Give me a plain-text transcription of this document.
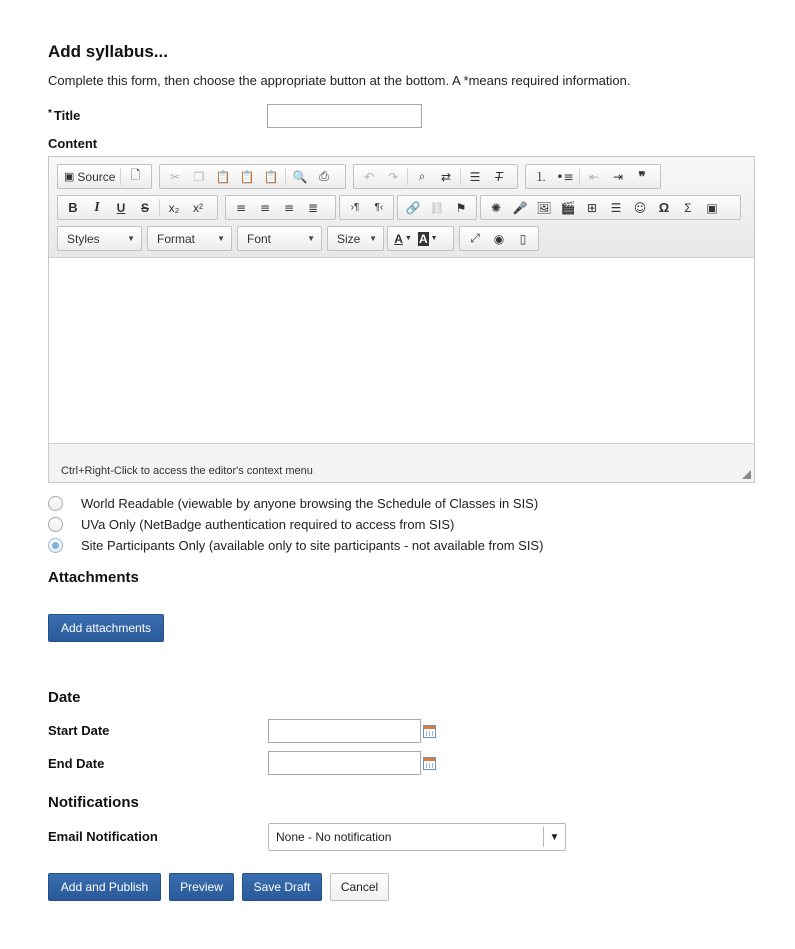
Add syllabus...
Complete this form, then choose the appropriate button at the bottom. A *means required information.
* Title
Content
▣ Source	🗋	✂	❐ 📋 📋 📋	🔍 ⎙	↶	↷	⌕	⇄	☰	T̶	⒈ •≡	⇤	⇥	❞
B	I	U	S	x₂	x²	≡	≡	≡	≣	›¶	¶‹	🔗 ⛓ ⚑	✺ 🎤 🖼 🎬 ⊞	☰	☺ Ω	Σ	▣
Styles	▼ Format	▼ Font	▼ Size ▼ A ▼ A ▼	⤢	◉	▯
Ctrl+Right-Click to access the editor's context menu
World Readable (viewable by anyone browsing the Schedule of Classes in SIS)
UVa Only (NetBadge authentication required to access from SIS)
Site Participants Only (available only to site participants - not available from SIS)
Attachments
Add attachments
Date
Start Date
End Date
Notifications
Email Notification	None - No notification	▼
Add and Publish	Preview	Save Draft	Cancel
